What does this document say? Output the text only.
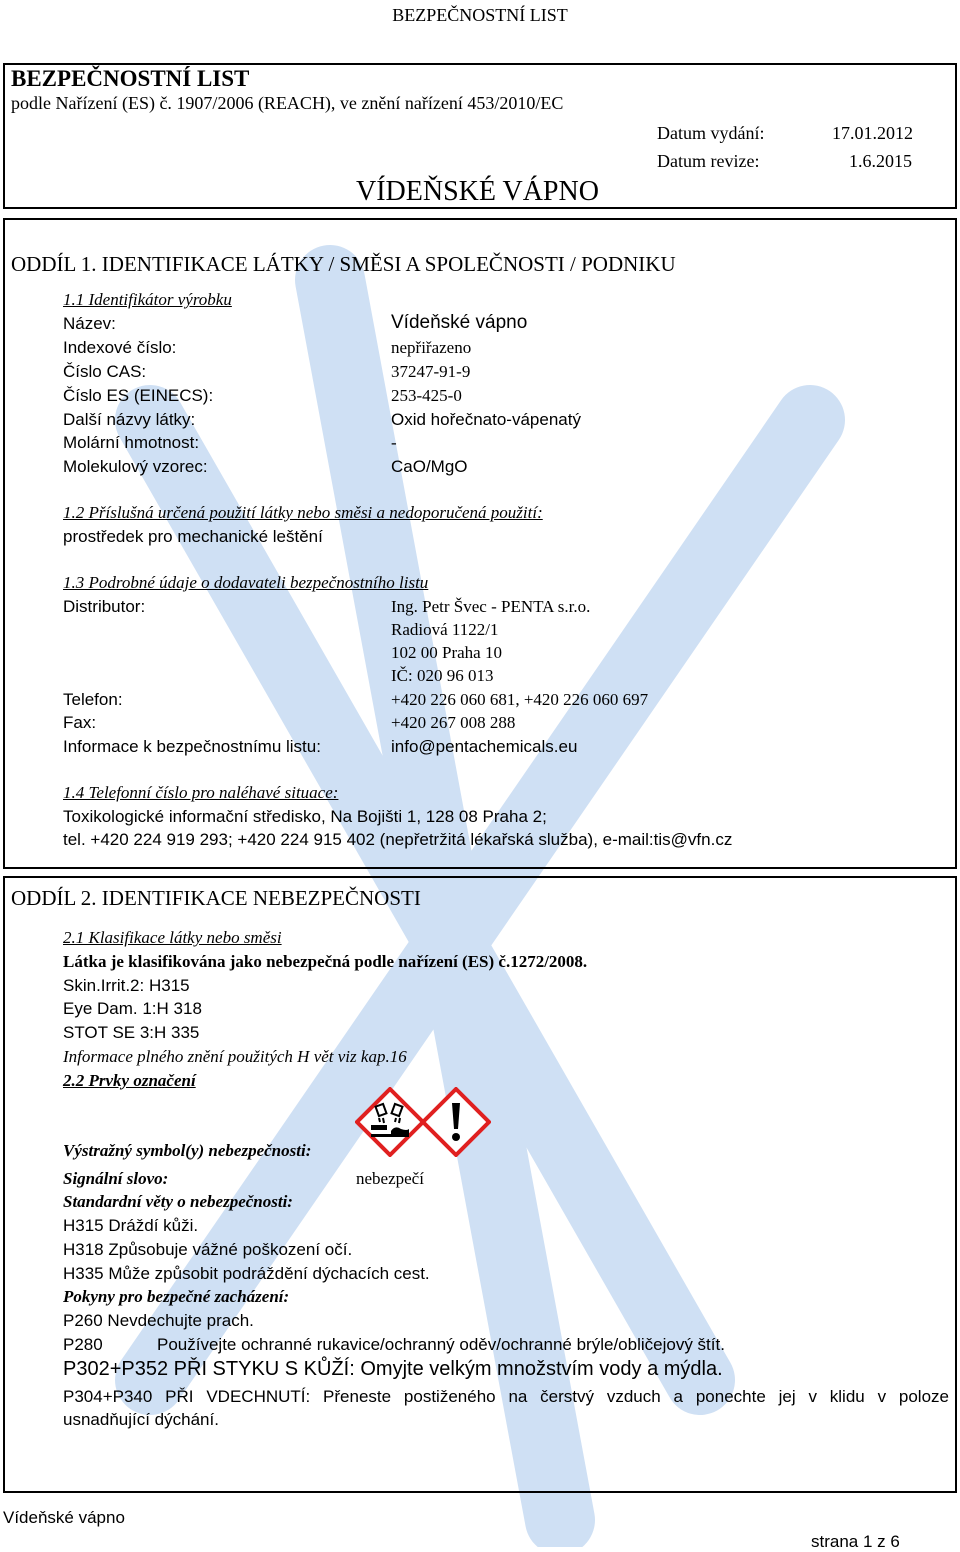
BEZPEČNOSTNÍ LIST
BEZPEČNOSTNÍ LIST
podle Nařízení (ES) č. 1907/2006 (REACH), ve znění nařízení 453/2010/EC
VÍDEŇSKÉ VÁPNO
Datum vydání:	17.01.2012
Datum revize:	1.6.2015
ODDÍL 1. IDENTIFIKACE LÁTKY / SMĚSI A SPOLEČNOSTI / PODNIKU
1.1 Identifikátor výrobku
Název:	Vídeňské vápno
Indexové číslo:	nepřiřazeno
Číslo CAS:	37247-91-9
Číslo ES (EINECS):	253-425-0
Další názvy látky:	Oxid hořečnato-vápenatý
Molární hmotnost:	-
Molekulový vzorec:	CaO/MgO
1.2 Příslušná určená použití látky nebo směsi a nedoporučená použití:
prostředek pro mechanické leštění
1.3 Podrobné údaje o dodavateli bezpečnostního listu
Distributor:	Ing. Petr Švec - PENTA s.r.o.
Radiová 1122/1
102 00 Praha 10
IČ: 020 96 013
Telefon:	+420 226 060 681, +420 226 060 697
Fax:	+420 267 008 288
Informace k bezpečnostnímu listu:	info@pentachemicals.eu
1.4 Telefonní číslo pro naléhavé situace:
Toxikologické informační středisko, Na Bojišti 1, 128 08 Praha 2;
tel. +420 224 919 293; +420 224 915 402 (nepřetržitá lékařská služba), e-mail:tis@vfn.cz
ODDÍL 2. IDENTIFIKACE NEBEZPEČNOSTI
2.1 Klasifikace látky nebo směsi
Látka je klasifikována jako nebezpečná podle nařízení (ES) č.1272/2008.
Skin.Irrit.2: H315
Eye Dam. 1:H 318
STOT SE 3:H 335
Informace plného znění použitých H vět viz kap.16
2.2 Prvky označení
Výstražný symbol(y) nebezpečnosti:
Signální slovo:	nebezpečí
Standardní věty o nebezpečnosti:
H315 Dráždí kůži.
H318 Způsobuje vážné poškození očí.
H335 Může způsobit podráždění dýchacích cest.
Pokyny pro bezpečné zacházení:
P260 Nevdechujte prach.
P280	Používejte ochranné rukavice/ochranný oděv/ochranné brýle/obličejový štít.
P302+P352 PŘI STYKU S KŮŽÍ: Omyjte velkým množstvím vody a mýdla.
P304+P340 PŘI VDECHNUTÍ: Přeneste postiženého na čerstvý vzduch a ponechte jej v klidu v poloze
usnadňující dýchání.
Vídeňské vápno
strana 1 z 6
